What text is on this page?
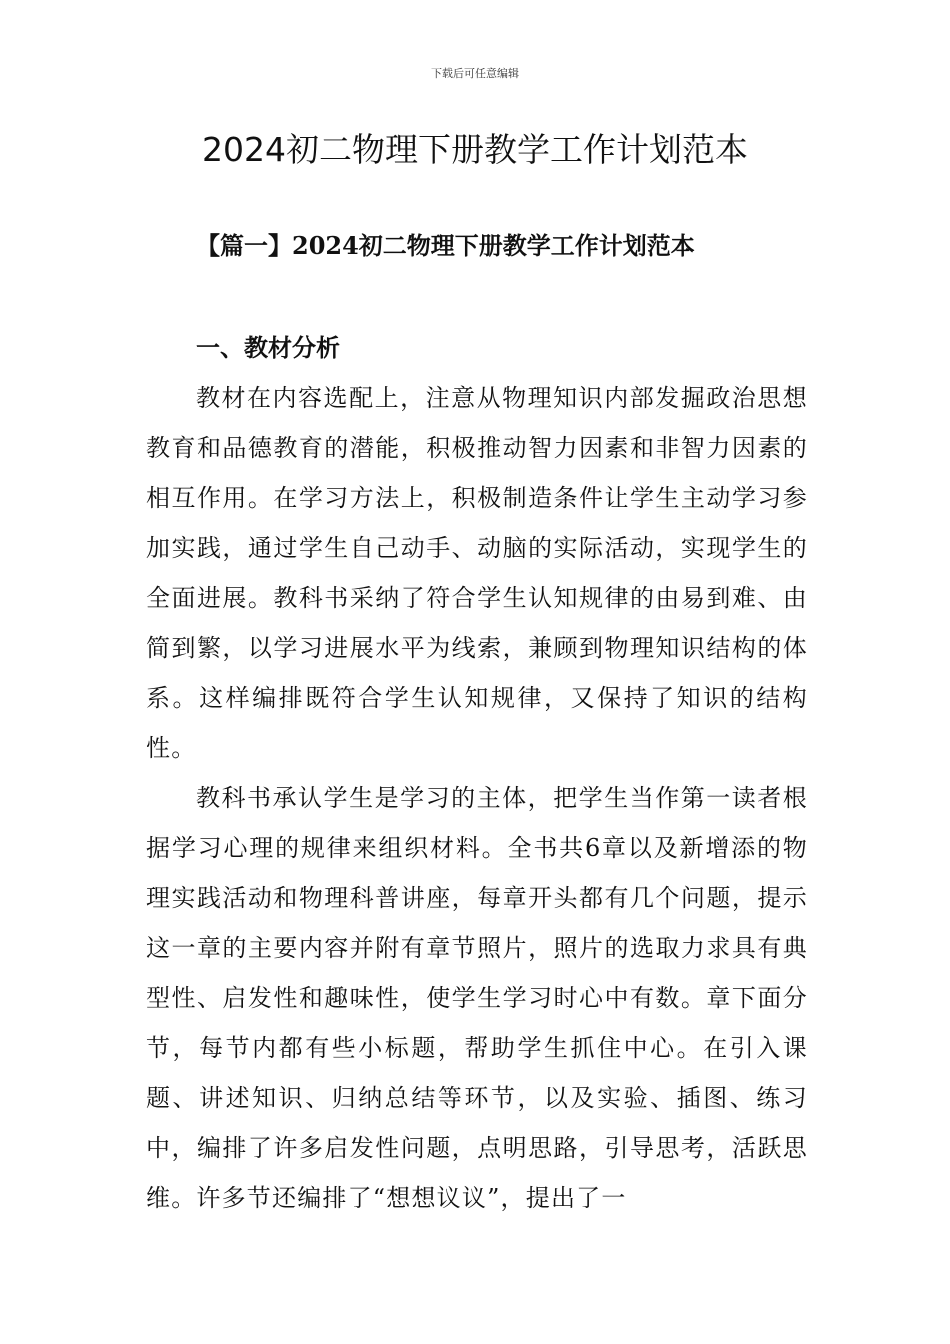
下载后可任意编辑
2024初二物理下册教学工作计划范本
【篇一】2024初二物理下册教学工作计划范本
一、教材分析

教材在内容选配上，注意从物理知识内部发掘政治思想教育和品德教育的潜能，积极推动智力因素和非智力因素的相互作用。在学习方法上，积极制造条件让学生主动学习参加实践，通过学生自己动手、动脑的实际活动，实现学生的全面进展。教科书采纳了符合学生认知规律的由易到难、由简到繁，以学习进展水平为线索，兼顾到物理知识结构的体系。这样编排既符合学生认知规律，又保持了知识的结构性。

教科书承认学生是学习的主体，把学生当作第一读者根据学习心理的规律来组织材料。全书共6章以及新增添的物理实践活动和物理科普讲座，每章开头都有几个问题，提示这一章的主要内容并附有章节照片，照片的选取力求具有典型性、启发性和趣味性，使学生学习时心中有数。章下面分节，每节内都有些小标题，帮助学生抓住中心。在引入课题、讲述知识、归纳总结等环节，以及实验、插图、练习中，编排了许多启发性问题，点明思路，引导思考，活跃思维。许多节还编排了“想想议议”，提出了一
